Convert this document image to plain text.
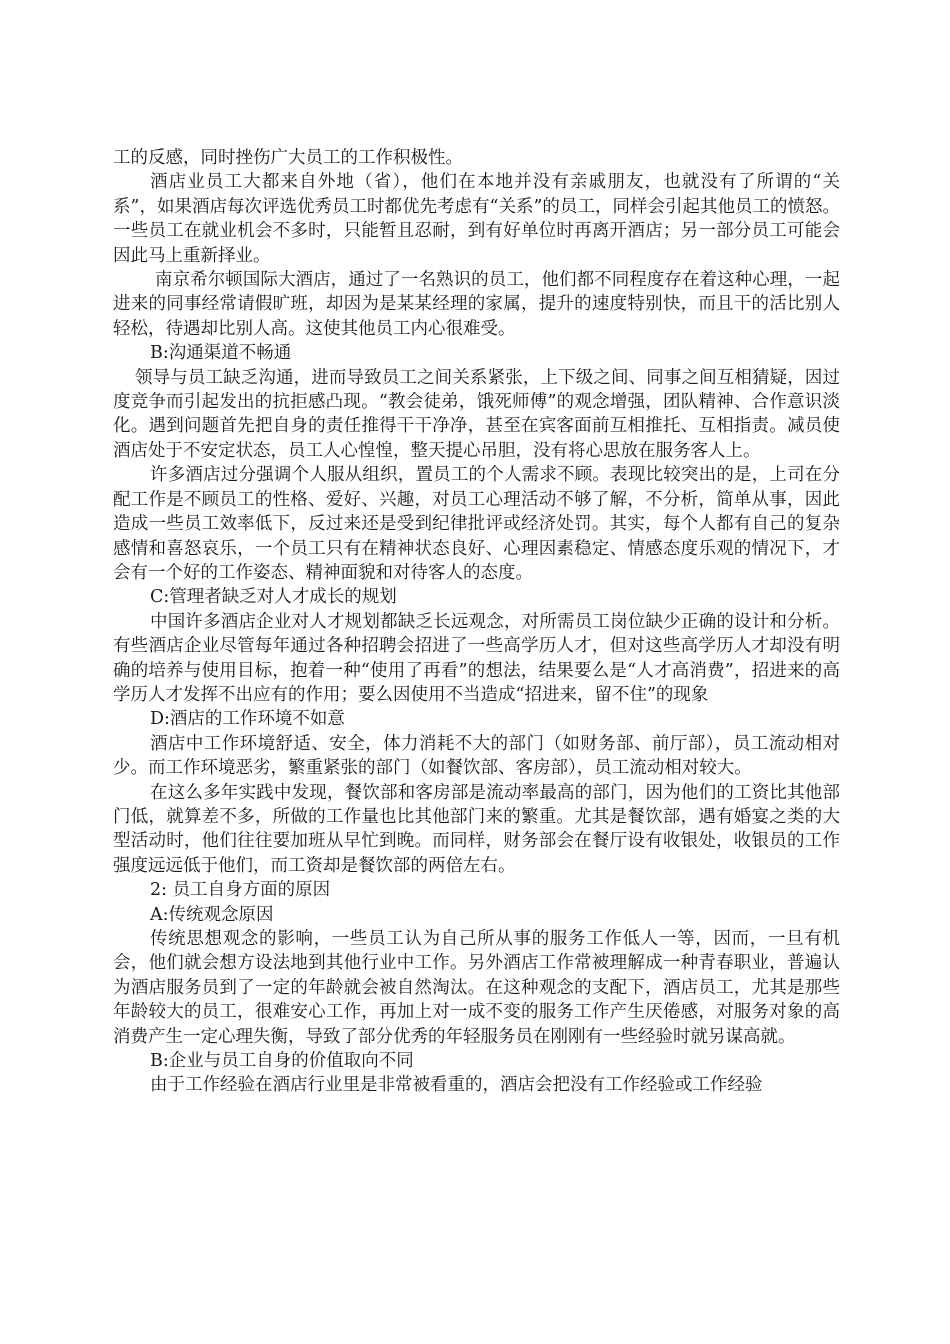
工的反感，同时挫伤广大员工的工作积极性。

酒店业员工大都来自外地（省），他们在本地并没有亲戚朋友，也就没有了所谓的“关系”，如果酒店每次评选优秀员工时都优先考虑有“关系”的员工，同样会引起其他员工的愤怒。一些员工在就业机会不多时，只能暂且忍耐，到有好单位时再离开酒店；另一部分员工可能会因此马上重新择业。

南京希尔顿国际大酒店，通过了一名熟识的员工，他们都不同程度存在着这种心理，一起进来的同事经常请假旷班，却因为是某某经理的家属，提升的速度特别快，而且干的活比别人轻松，待遇却比别人高。这使其他员工内心很难受。

B:沟通渠道不畅通

领导与员工缺乏沟通，进而导致员工之间关系紧张，上下级之间、同事之间互相猜疑，因过度竞争而引起发出的抗拒感凸现。“教会徒弟，饿死师傅”的观念增强，团队精神、合作意识淡化。遇到问题首先把自身的责任推得干干净净，甚至在宾客面前互相推托、互相指责。减员使酒店处于不安定状态，员工人心惶惶，整天提心吊胆，没有将心思放在服务客人上。

许多酒店过分强调个人服从组织，置员工的个人需求不顾。表现比较突出的是，上司在分配工作是不顾员工的性格、爱好、兴趣，对员工心理活动不够了解，不分析，简单从事，因此造成一些员工效率低下，反过来还是受到纪律批评或经济处罚。其实，每个人都有自己的复杂感情和喜怒哀乐，一个员工只有在精神状态良好、心理因素稳定、情感态度乐观的情况下，才会有一个好的工作姿态、精神面貌和对待客人的态度。

C:管理者缺乏对人才成长的规划

中国许多酒店企业对人才规划都缺乏长远观念，对所需员工岗位缺少正确的设计和分析。有些酒店企业尽管每年通过各种招聘会招进了一些高学历人才，但对这些高学历人才却没有明确的培养与使用目标，抱着一种“使用了再看”的想法，结果要么是“人才高消费”，招进来的高学历人才发挥不出应有的作用；要么因使用不当造成“招进来，留不住”的现象

D:酒店的工作环境不如意

酒店中工作环境舒适、安全，体力消耗不大的部门（如财务部、前厅部），员工流动相对少。而工作环境恶劣，繁重紧张的部门（如餐饮部、客房部），员工流动相对较大。

在这么多年实践中发现，餐饮部和客房部是流动率最高的部门，因为他们的工资比其他部门低，就算差不多，所做的工作量也比其他部门来的繁重。尤其是餐饮部，遇有婚宴之类的大型活动时，他们往往要加班从早忙到晚。而同样，财务部会在餐厅设有收银处，收银员的工作强度远远低于他们，而工资却是餐饮部的两倍左右。

2: 员工自身方面的原因

A:传统观念原因

传统思想观念的影响，一些员工认为自己所从事的服务工作低人一等，因而，一旦有机会，他们就会想方设法地到其他行业中工作。另外酒店工作常被理解成一种青春职业，普遍认为酒店服务员到了一定的年龄就会被自然淘汰。在这种观念的支配下，酒店员工，尤其是那些年龄较大的员工，很难安心工作，再加上对一成不变的服务工作产生厌倦感，对服务对象的高消费产生一定心理失衡，导致了部分优秀的年轻服务员在刚刚有一些经验时就另谋高就。

B:企业与员工自身的价值取向不同

由于工作经验在酒店行业里是非常被看重的，酒店会把没有工作经验或工作经验
